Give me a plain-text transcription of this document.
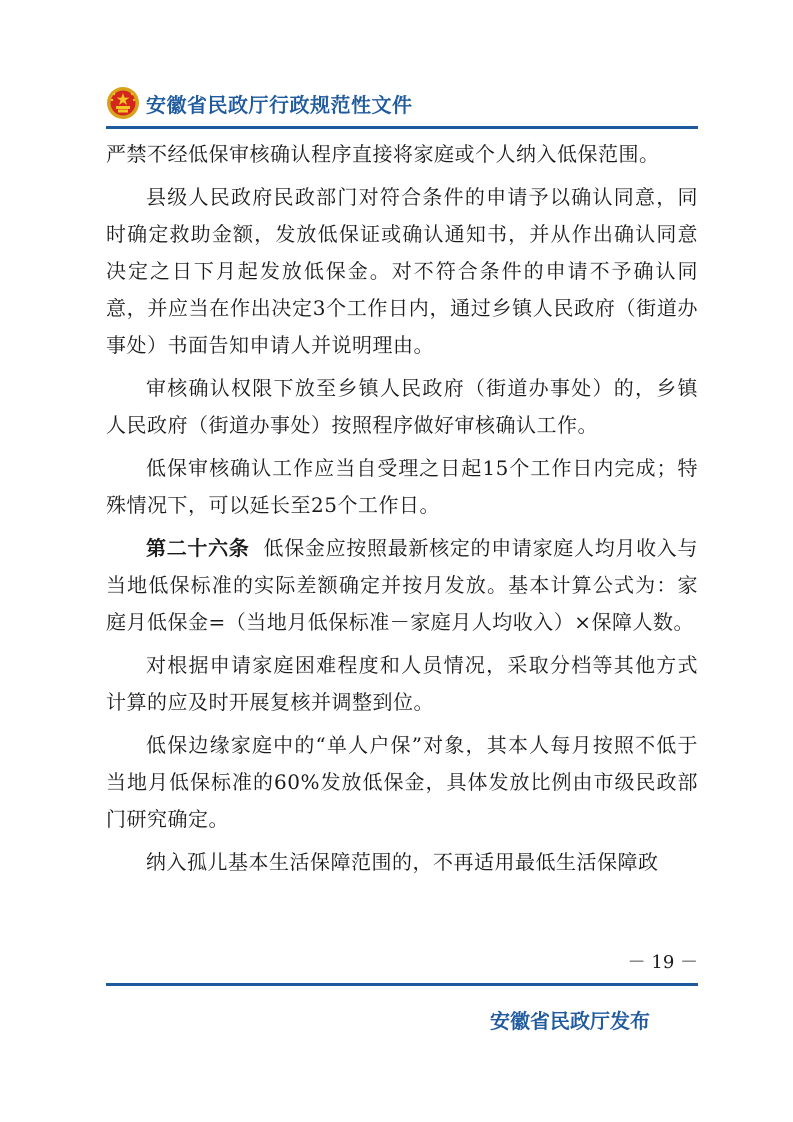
安徽省民政厅行政规范性文件

严禁不经低保审核确认程序直接将家庭或个人纳入低保范围。

县级人民政府民政部门对符合条件的申请予以确认同意，同时确定救助金额，发放低保证或确认通知书，并从作出确认同意决定之日下月起发放低保金。对不符合条件的申请不予确认同意，并应当在作出决定3个工作日内，通过乡镇人民政府（街道办事处）书面告知申请人并说明理由。

审核确认权限下放至乡镇人民政府（街道办事处）的，乡镇人民政府（街道办事处）按照程序做好审核确认工作。

低保审核确认工作应当自受理之日起15个工作日内完成；特殊情况下，可以延长至25个工作日。

第二十六条 低保金应按照最新核定的申请家庭人均月收入与当地低保标准的实际差额确定并按月发放。基本计算公式为：家庭月低保金=（当地月低保标准－家庭月人均收入）×保障人数。

对根据申请家庭困难程度和人员情况，采取分档等其他方式计算的应及时开展复核并调整到位。

低保边缘家庭中的“单人户保”对象，其本人每月按照不低于当地月低保标准的60%发放低保金，具体发放比例由市级民政部门研究确定。

纳入孤儿基本生活保障范围的，不再适用最低生活保障政

－ 19 －
安徽省民政厅发布
